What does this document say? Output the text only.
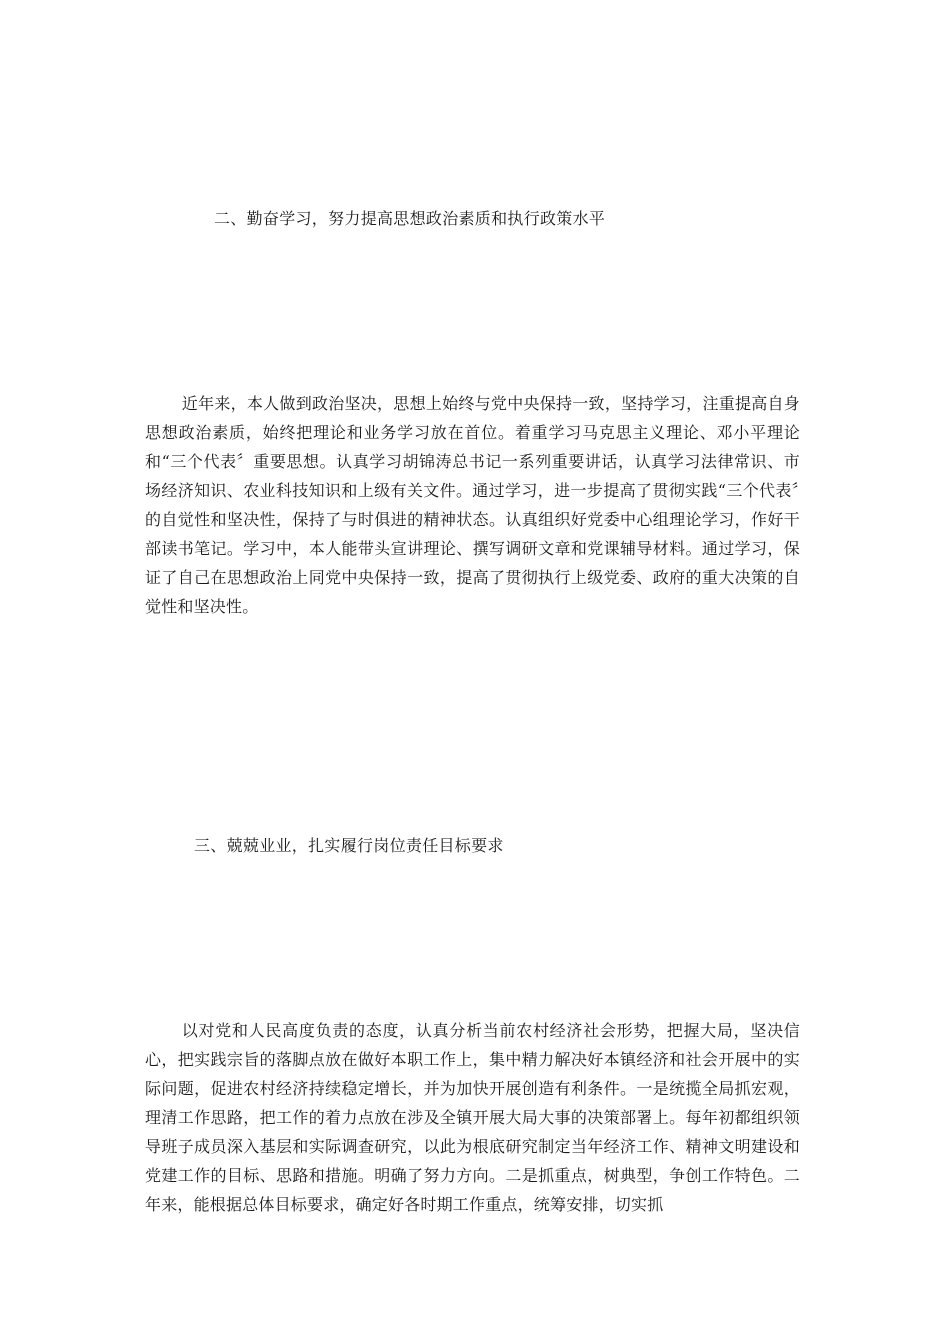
二、勤奋学习，努力提高思想政治素质和执行政策水平

近年来，本人做到政治坚决，思想上始终与党中央保持一致，坚持学习，注重提高自身思想政治素质，始终把理论和业务学习放在首位。着重学习马克思主义理论、邓小平理论和“三个代表〞重要思想。认真学习胡锦涛总书记一系列重要讲话，认真学习法律常识、市场经济知识、农业科技知识和上级有关文件。通过学习，进一步提高了贯彻实践“三个代表〞的自觉性和坚决性，保持了与时俱进的精神状态。认真组织好党委中心组理论学习，作好干部读书笔记。学习中，本人能带头宣讲理论、撰写调研文章和党课辅导材料。通过学习，保证了自己在思想政治上同党中央保持一致，提高了贯彻执行上级党委、政府的重大决策的自觉性和坚决性。

三、兢兢业业，扎实履行岗位责任目标要求

以对党和人民高度负责的态度，认真分析当前农村经济社会形势，把握大局，坚决信心，把实践宗旨的落脚点放在做好本职工作上，集中精力解决好本镇经济和社会开展中的实际问题，促进农村经济持续稳定增长，并为加快开展创造有利条件。一是统揽全局抓宏观，理清工作思路，把工作的着力点放在涉及全镇开展大局大事的决策部署上。每年初都组织领导班子成员深入基层和实际调查研究，以此为根底研究制定当年经济工作、精神文明建设和党建工作的目标、思路和措施。明确了努力方向。二是抓重点，树典型，争创工作特色。二年来，能根据总体目标要求，确定好各时期工作重点，统筹安排，切实抓
